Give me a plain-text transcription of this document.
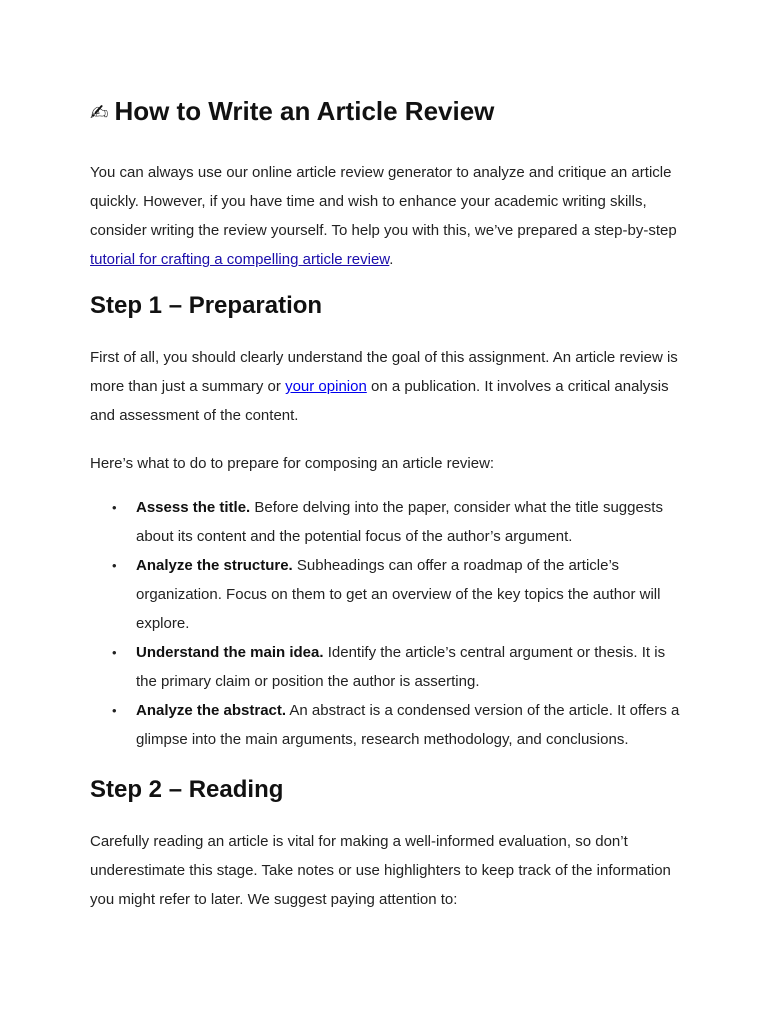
✍ How to Write an Article Review

You can always use our online article review generator to analyze and critique an article quickly. However, if you have time and wish to enhance your academic writing skills, consider writing the review yourself. To help you with this, we’ve prepared a step-by-step tutorial for crafting a compelling article review.

Step 1 – Preparation

First of all, you should clearly understand the goal of this assignment. An article review is more than just a summary or your opinion on a publication. It involves a critical analysis and assessment of the content.

Here’s what to do to prepare for composing an article review:

• Assess the title. Before delving into the paper, consider what the title suggests about its content and the potential focus of the author’s argument.
• Analyze the structure. Subheadings can offer a roadmap of the article’s organization. Focus on them to get an overview of the key topics the author will explore.
• Understand the main idea. Identify the article’s central argument or thesis. It is the primary claim or position the author is asserting.
• Analyze the abstract. An abstract is a condensed version of the article. It offers a glimpse into the main arguments, research methodology, and conclusions.
Step 2 – Reading

Carefully reading an article is vital for making a well-informed evaluation, so don’t underestimate this stage. Take notes or use highlighters to keep track of the information you might refer to later. We suggest paying attention to:
